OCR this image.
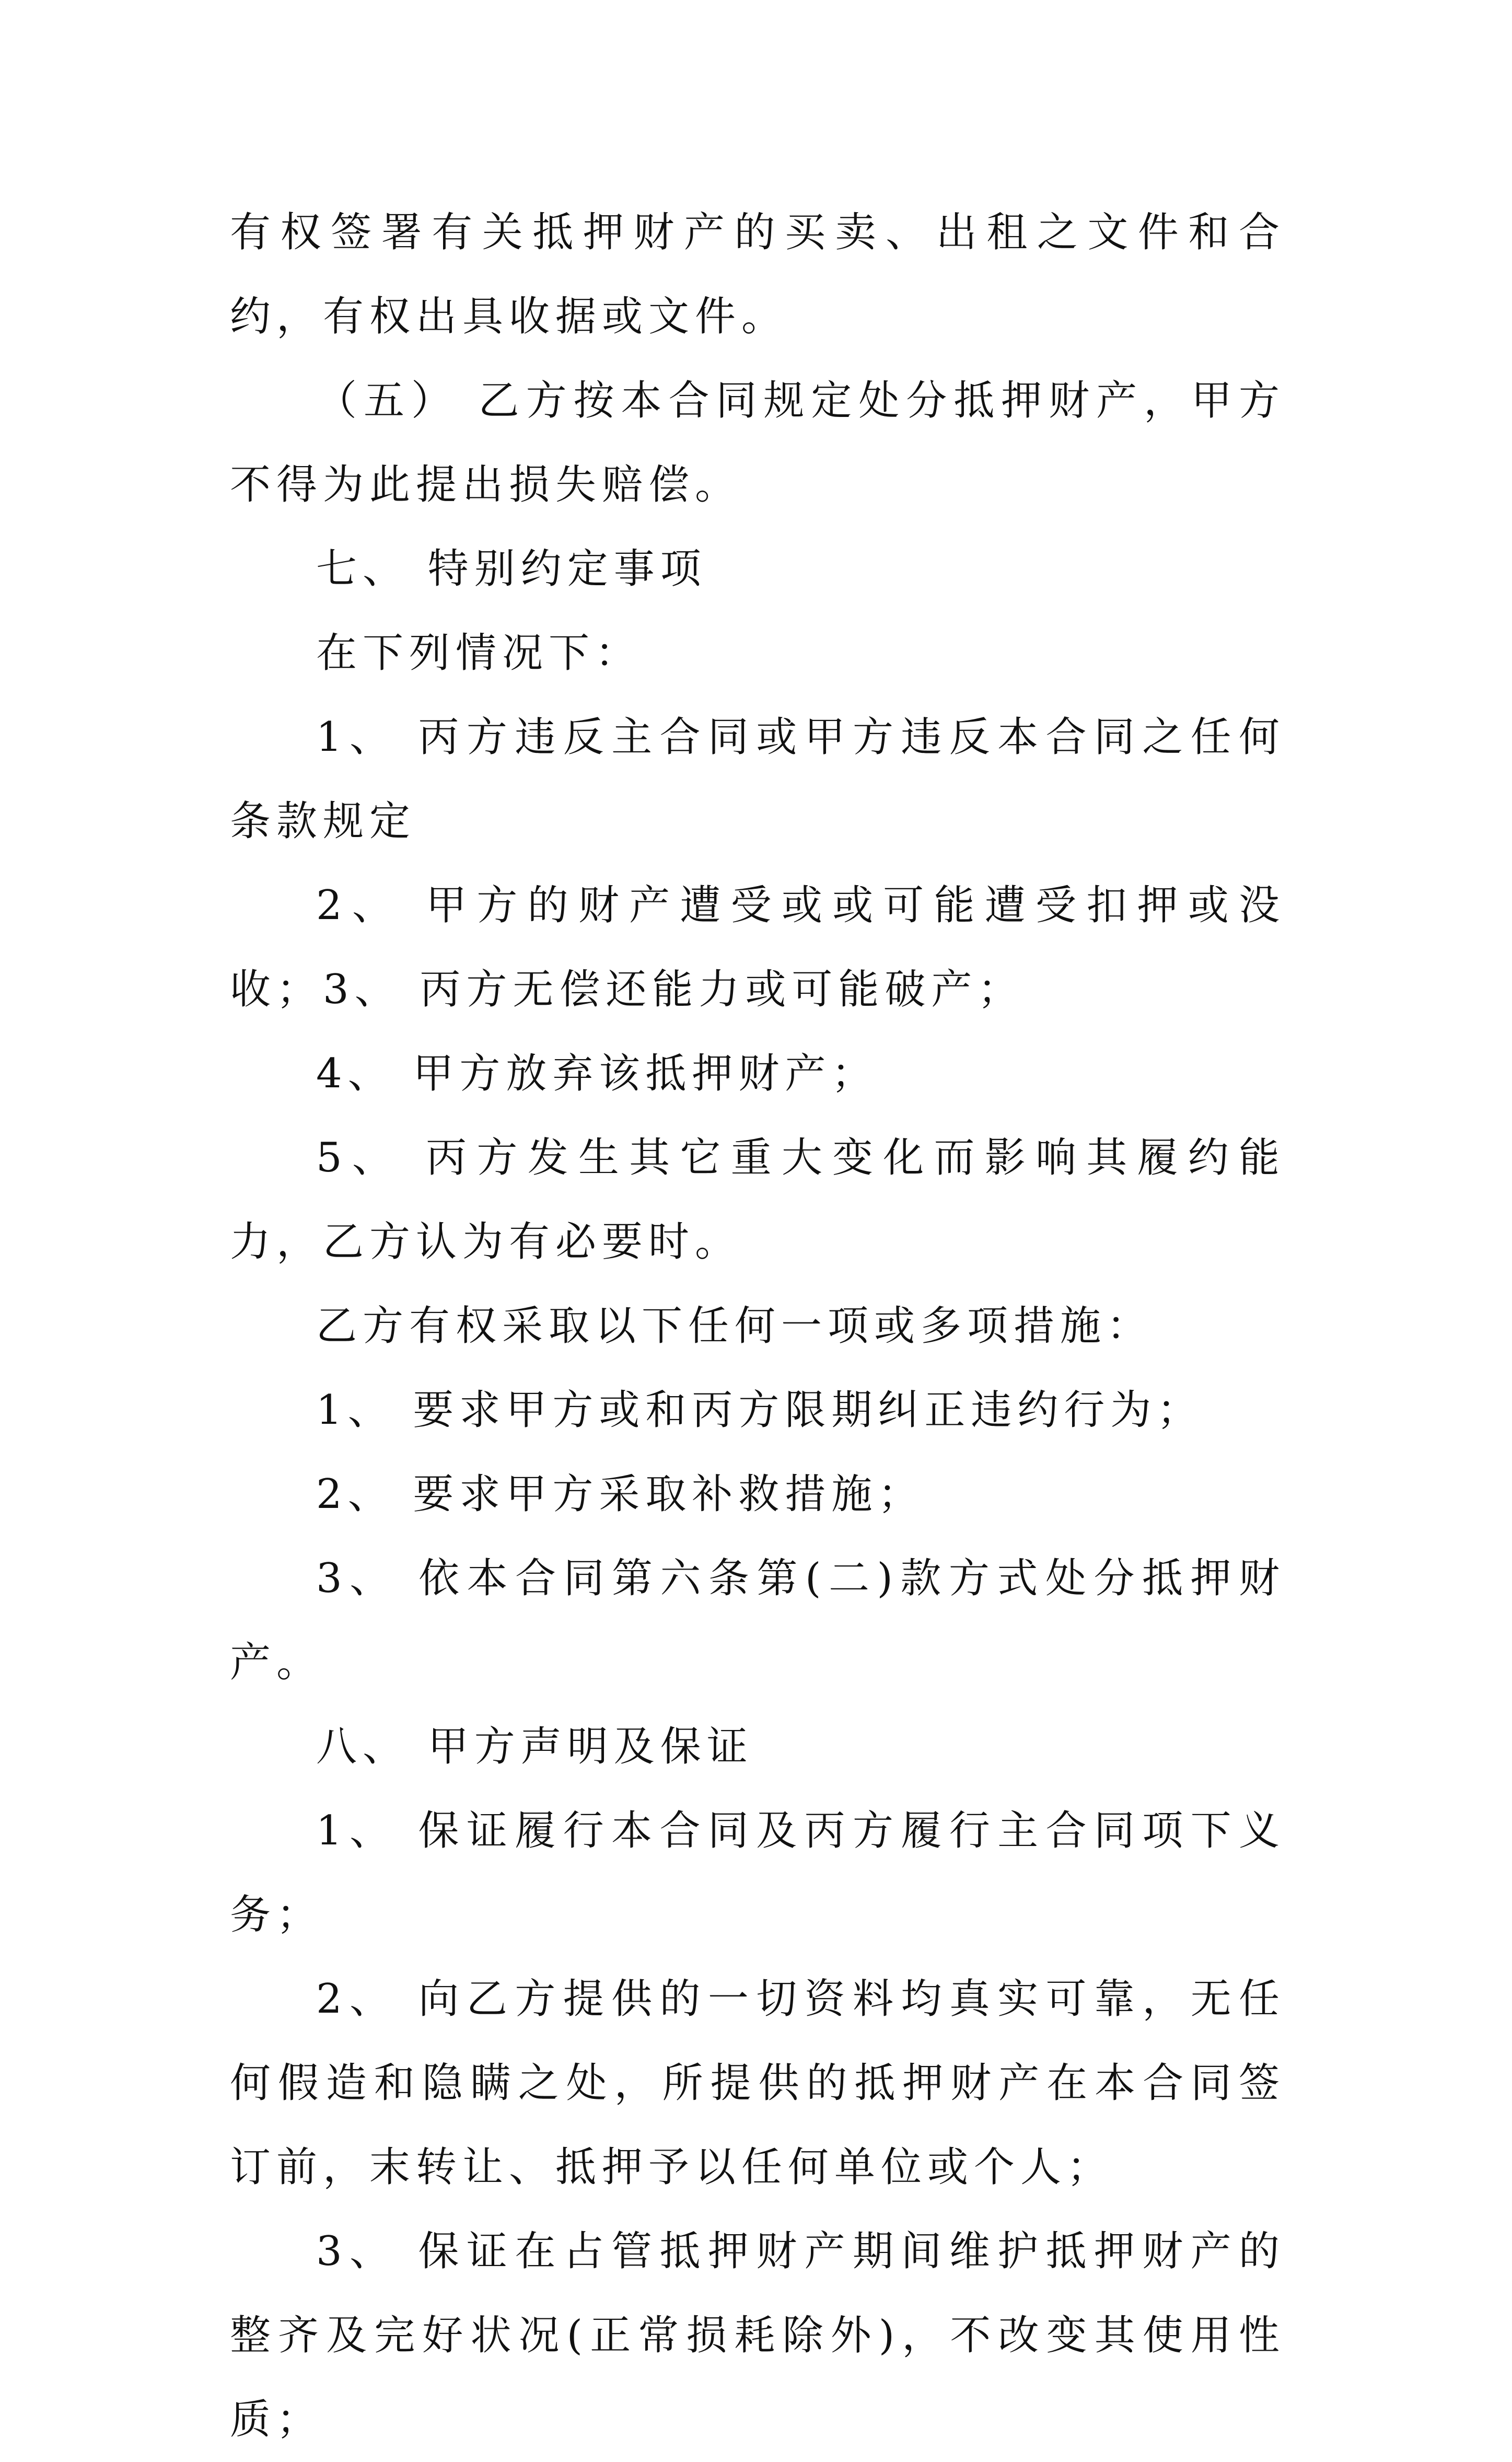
有权签署有关抵押财产的买卖、出租之文件和合约，有权出具收据或文件。

（五） 乙方按本合同规定处分抵押财产，甲方不得为此提出损失赔偿。

七、 特别约定事项

在下列情况下：

1、 丙方违反主合同或甲方违反本合同之任何条款规定

2、 甲方的财产遭受或或可能遭受扣押或没收；3、 丙方无偿还能力或可能破产；

4、 甲方放弃该抵押财产；

5、 丙方发生其它重大变化而影响其履约能力，乙方认为有必要时。

乙方有权采取以下任何一项或多项措施：

1、 要求甲方或和丙方限期纠正违约行为；

2、 要求甲方采取补救措施；

3、 依本合同第六条第(二)款方式处分抵押财产。

八、 甲方声明及保证

1、 保证履行本合同及丙方履行主合同项下义务；

2、 向乙方提供的一切资料均真实可靠，无任何假造和隐瞒之处，所提供的抵押财产在本合同签订前，末转让、抵押予以任何单位或个人；

3、 保证在占管抵押财产期间维护抵押财产的整齐及完好状况(正常损耗除外)，不改变其使用性质；
